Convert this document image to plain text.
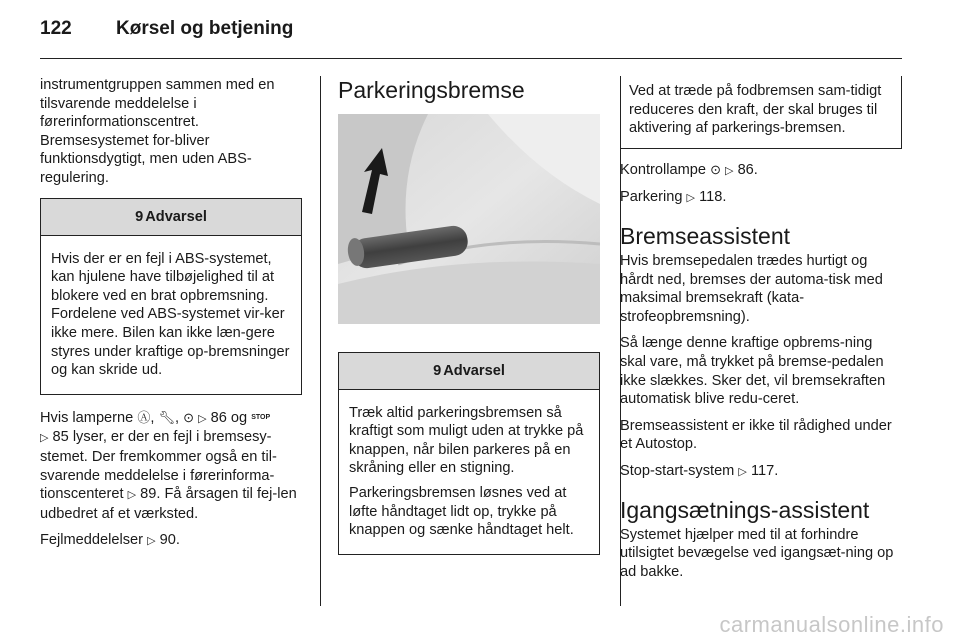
122 Kørsel og betjening

instrumentgruppen sammen med en tilsvarende meddelelse i førerinformationscentret. Bremsesystemet for-bliver funktionsdygtigt, men uden ABS-regulering.

9 Advarsel

Hvis der er en fejl i ABS-systemet, kan hjulene have tilbøjelighed til at blokere ved en brat opbremsning. Fordelene ved ABS-systemet vir-ker ikke mere. Bilen kan ikke læn-gere styres under kraftige op-bremsninger og kan skride ud.

Hvis lamperne Ⓐ, 🔧︎, ⊙ ▷ 86 og STOP
▷ 85 lyser, er der en fejl i bremsesy-stemet. Der fremkommer også en til-svarende meddelelse i førerinforma-tionscenteret ▷ 89. Få årsagen til fej-len udbedret af et værksted.

Fejlmeddelelser ▷ 90.

Parkeringsbremse
9 Advarsel

Træk altid parkeringsbremsen så kraftigt som muligt uden at trykke på knappen, når bilen parkeres på en skråning eller en stigning.

Parkeringsbremsen løsnes ved at løfte håndtaget lidt op, trykke på knappen og sænke håndtaget helt.

Ved at træde på fodbremsen sam-tidigt reduceres den kraft, der skal bruges til aktivering af parkerings-bremsen.

Kontrollampe ⊙ ▷ 86.

Parkering ▷ 118.

Bremseassistent

Hvis bremsepedalen trædes hurtigt og hårdt ned, bremses der automa-tisk med maksimal bremsekraft (kata-strofeopbremsning).

Så længe denne kraftige opbrems-ning skal vare, må trykket på bremse-pedalen ikke slækkes. Sker det, vil bremsekraften automatisk blive redu-ceret.

Bremseassistent er ikke til rådighed under et Autostop.

Stop-start-system ▷ 117.

Igangsætnings-assistent

Systemet hjælper med til at forhindre utilsigtet bevægelse ved igangsæt-ning op ad bakke.

carmanualsonline.info
